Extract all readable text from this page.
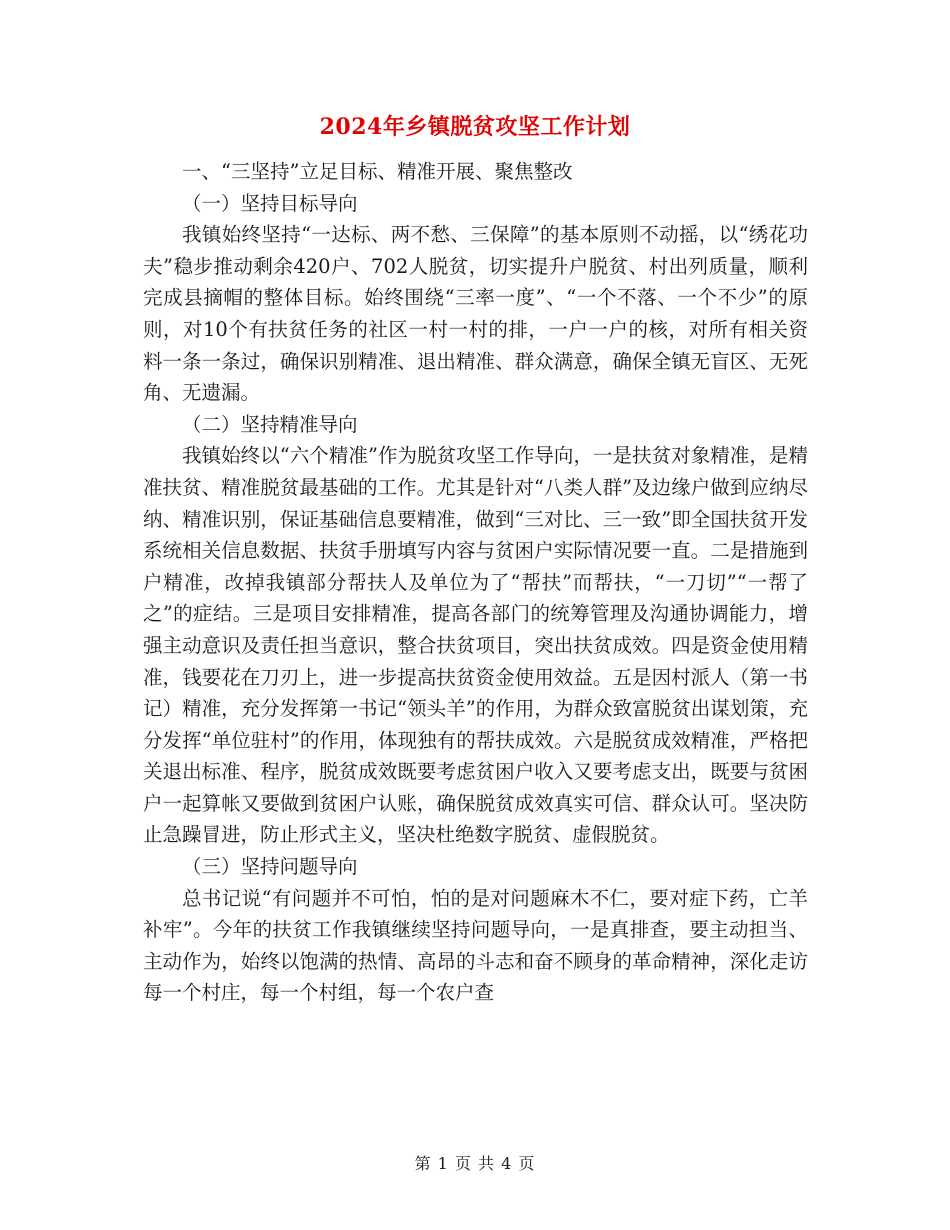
2024年乡镇脱贫攻坚工作计划

一、“三坚持”立足目标、精准开展、聚焦整改

（一）坚持目标导向

我镇始终坚持“一达标、两不愁、三保障”的基本原则不动摇，以“绣花功夫”稳步推动剩余420户、702人脱贫，切实提升户脱贫、村出列质量，顺利完成县摘帽的整体目标。始终围绕“三率一度”、“一个不落、一个不少”的原则，对10个有扶贫任务的社区一村一村的排，一户一户的核，对所有相关资料一条一条过，确保识别精准、退出精准、群众满意，确保全镇无盲区、无死角、无遗漏。

（二）坚持精准导向

我镇始终以“六个精准”作为脱贫攻坚工作导向，一是扶贫对象精准，是精准扶贫、精准脱贫最基础的工作。尤其是针对“八类人群”及边缘户做到应纳尽纳、精准识别，保证基础信息要精准，做到“三对比、三一致”即全国扶贫开发系统相关信息数据、扶贫手册填写内容与贫困户实际情况要一直。二是措施到户精准，改掉我镇部分帮扶人及单位为了“帮扶”而帮扶，“一刀切”“一帮了之”的症结。三是项目安排精准，提高各部门的统筹管理及沟通协调能力，增强主动意识及责任担当意识，整合扶贫项目，突出扶贫成效。四是资金使用精准，钱要花在刀刃上，进一步提高扶贫资金使用效益。五是因村派人（第一书记）精准，充分发挥第一书记“领头羊”的作用，为群众致富脱贫出谋划策，充分发挥“单位驻村”的作用，体现独有的帮扶成效。六是脱贫成效精准，严格把关退出标准、程序，脱贫成效既要考虑贫困户收入又要考虑支出，既要与贫困户一起算帐又要做到贫困户认账，确保脱贫成效真实可信、群众认可。坚决防止急躁冒进，防止形式主义，坚决杜绝数字脱贫、虚假脱贫。

（三）坚持问题导向

总书记说“有问题并不可怕，怕的是对问题麻木不仁，要对症下药，亡羊补牢”。今年的扶贫工作我镇继续坚持问题导向，一是真排查，要主动担当、主动作为，始终以饱满的热情、高昂的斗志和奋不顾身的革命精神，深化走访每一个村庄，每一个村组，每一个农户查

第 1 页 共 4 页
